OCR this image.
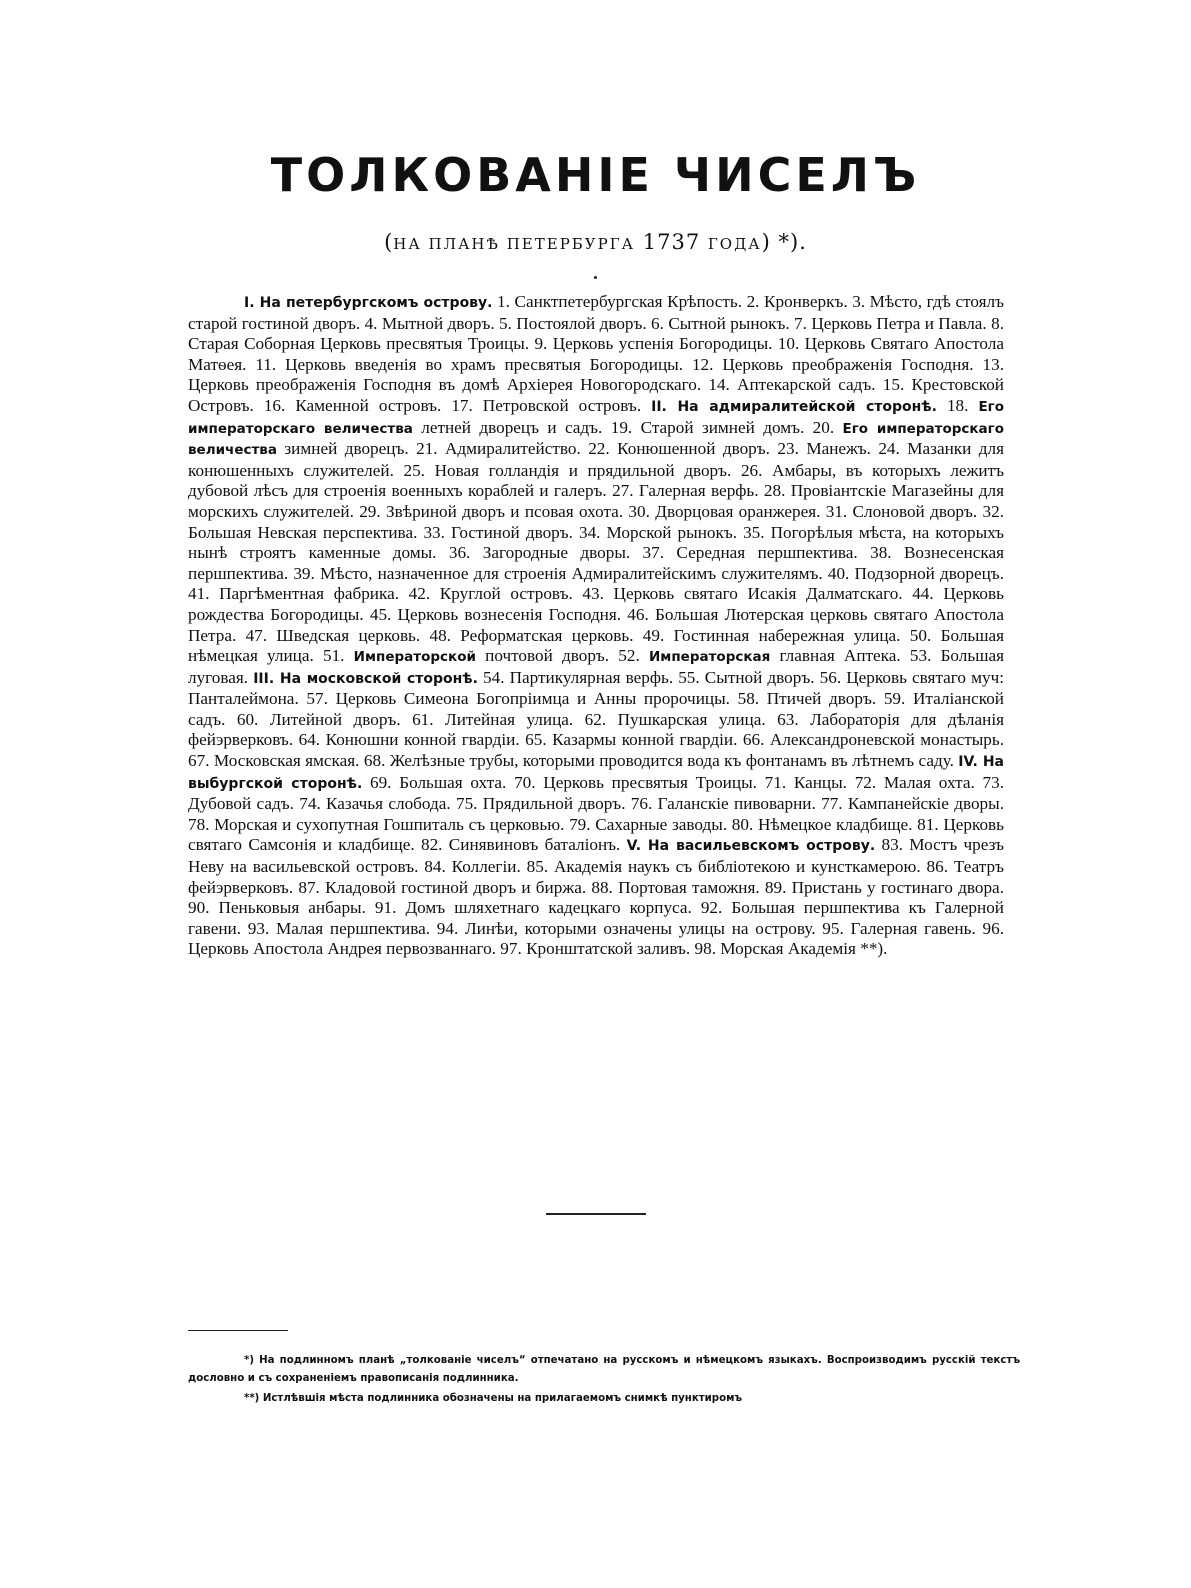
ТОЛКОВАНІЕ ЧИСЕЛЪ

(НА ПЛАНѢ ПЕТЕРБУРГА 1737 ГОДА) *).

I. На петербургскомъ острову. 1. Санктпетербургская Крѣпость. 2. Кронверкъ. 3. Мѣсто, гдѣ стоялъ старой гостиной дворъ. 4. Мытной дворъ. 5. Постоялой дворъ. 6. Сытной рынокъ. 7. Церковь Петра и Павла. 8. Старая Соборная Церковь пресвятыя Троицы. 9. Церковь успенія Богородицы. 10. Церковь Святаго Апостола Матѳея. 11. Церковь введенія во храмъ пресвятыя Богородицы. 12. Церковь преображенія Господня. 13. Церковь преображенія Господня въ домѣ Архіерея Новогородскаго. 14. Аптекарской садъ. 15. Крестовской Островъ. 16. Каменной островъ. 17. Петровской островъ. II. На адмиралитейской сторонѣ. 18. Его императорскаго величества летней дворецъ и садъ. 19. Старой зимней домъ. 20. Его императорскаго величества зимней дворецъ. 21. Адмиралитейство. 22. Конюшенной дворъ. 23. Манежъ. 24. Мазанки для конюшенныхъ служителей. 25. Новая голландія и прядильной дворъ. 26. Амбары, въ которыхъ лежитъ дубовой лѣсъ для строенія военныхъ кораблей и галеръ. 27. Галерная верфь. 28. Провіантскіе Магазейны для морскихъ служителей. 29. Звѣриной дворъ и псовая охота. 30. Дворцовая оранжерея. 31. Слоновой дворъ. 32. Большая Невская перспектива. 33. Гостиной дворъ. 34. Морской рынокъ. 35. Погорѣлыя мѣста, на которыхъ нынѣ строятъ каменные домы. 36. Загородные дворы. 37. Середная першпектива. 38. Вознесенская першпектива. 39. Мѣсто, назначенное для строенія Адмиралитейскимъ служителямъ. 40. Подзорной дворецъ. 41. Паргѣментная фабрика. 42. Круглой островъ. 43. Церковь святаго Исакія Далматскаго. 44. Церковь рождества Богородицы. 45. Церковь вознесенія Господня. 46. Большая Лютерская церковь святаго Апостола Петра. 47. Шведская церковь. 48. Реформатская церковь. 49. Гостинная набережная улица. 50. Большая нѣмецкая улица. 51. Императорской почтовой дворъ. 52. Императорская главная Аптека. 53. Большая луговая. III. На московской сторонѣ. 54. Партикулярная верфь. 55. Сытной дворъ. 56. Церковь святаго муч: Панталеймона. 57. Церковь Симеона Богопріимца и Анны пророчицы. 58. Птичей дворъ. 59. Италіанской садъ. 60. Литейной дворъ. 61. Литейная улица. 62. Пушкарская улица. 63. Лабораторія для дѣланія фейэрверковъ. 64. Конюшни конной гвардіи. 65. Казармы конной гвардіи. 66. Александроневской монастырь. 67. Московская ямская. 68. Желѣзные трубы, которыми проводится вода къ фонтанамъ въ лѣтнемъ саду. IV. На выбургской сторонѣ. 69. Большая охта. 70. Церковь пресвятыя Троицы. 71. Канцы. 72. Малая охта. 73. Дубовой садъ. 74. Казачья слобода. 75. Прядильной дворъ. 76. Галанскіе пивоварни. 77. Кампанейскіе дворы. 78. Морская и сухопутная Гошпиталь съ церковью. 79. Сахарные заводы. 80. Нѣмецкое кладбище. 81. Церковь святаго Самсонія и кладбище. 82. Синявиновъ баталіонъ. V. На васильевскомъ острову. 83. Мостъ чрезъ Неву на васильевской островъ. 84. Коллегіи. 85. Академія наукъ съ библіотекою и кунсткамерою. 86. Театръ фейэрверковъ. 87. Кладовой гостиной дворъ и биржа. 88. Портовая таможня. 89. Пристань у гостинаго двора. 90. Пеньковыя анбары. 91. Домъ шляхетнаго кадецкаго корпуса. 92. Большая першпектива къ Галерной гавени. 93. Малая першпектива. 94. Линѣи, которыми означены улицы на острову. 95. Галерная гавень. 96. Церковь Апостола Андрея первозваннаго. 97. Кронштатской заливъ. 98. Морская Академія **).

*) На подлинномъ планѣ „толкованіе чиселъ“ отпечатано на русскомъ и нѣмецкомъ языкахъ. Воспроизводимъ русскій текстъ дословно и съ сохраненіемъ правописанія подлинника.

**) Истлѣвшія мѣста подлинника обозначены на прилагаемомъ снимкѣ пунктиромъ
